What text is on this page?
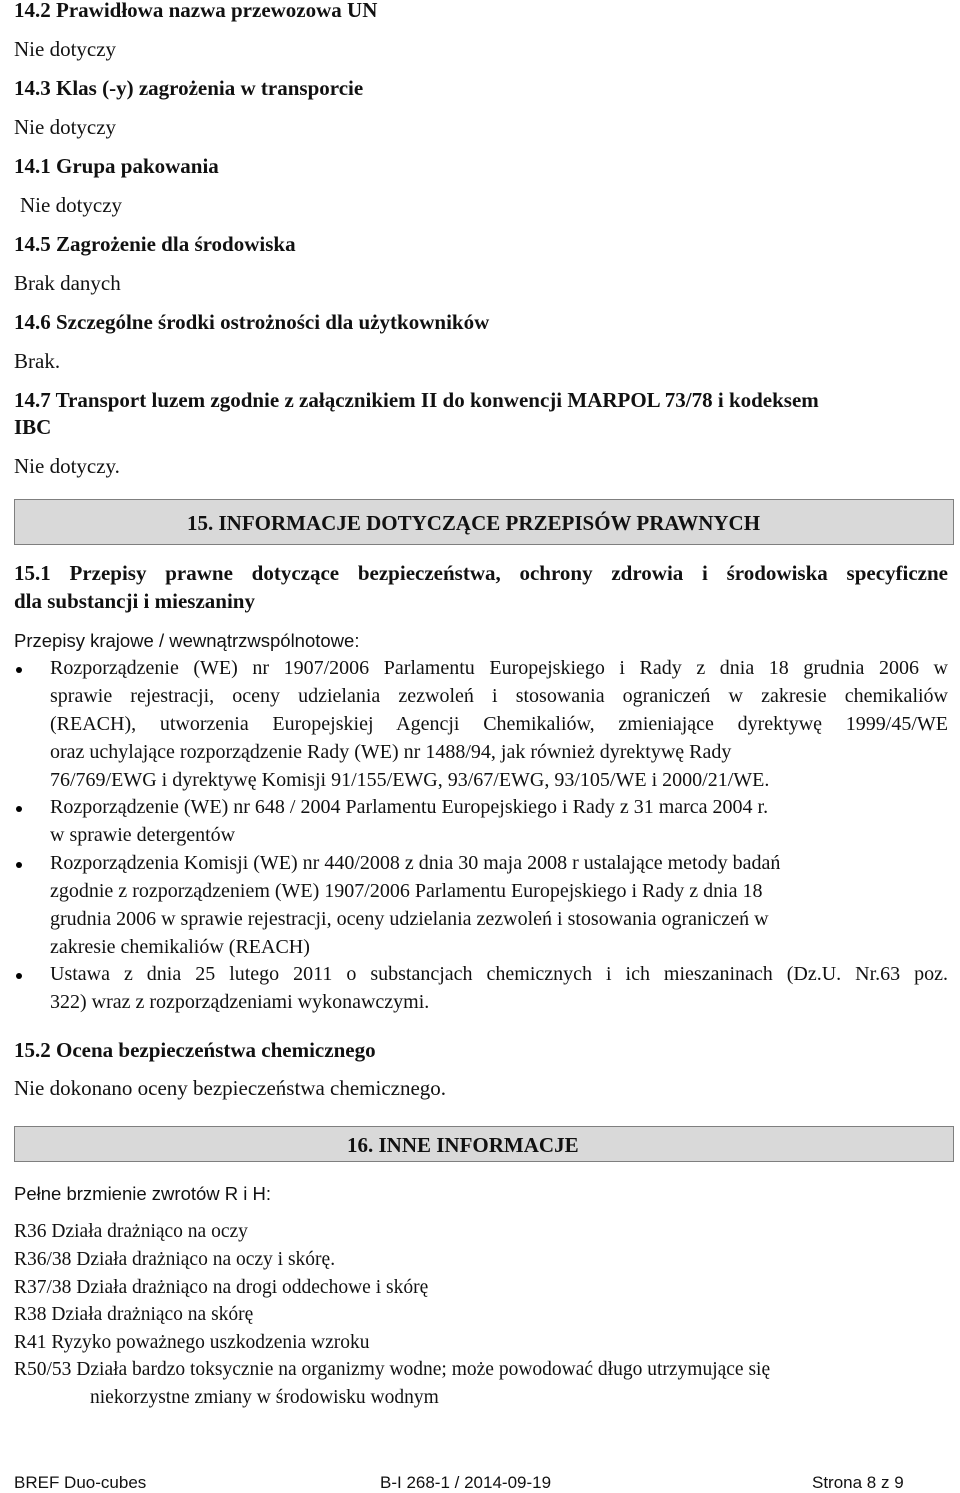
14.2 Prawidłowa nazwa przewozowa UN
Nie dotyczy
14.3 Klas (-y) zagrożenia w transporcie
Nie dotyczy
14.1 Grupa pakowania
Nie dotyczy
14.5 Zagrożenie dla środowiska
Brak danych
14.6 Szczególne środki ostrożności dla użytkowników
Brak.
14.7 Transport luzem zgodnie z załącznikiem II do konwencji MARPOL 73/78 i kodeksem
IBC
Nie dotyczy.
15. INFORMACJE DOTYCZĄCE PRZEPISÓW PRAWNYCH
15.1 Przepisy prawne dotyczące bezpieczeństwa, ochrony zdrowia i środowiska specyficzne
dla substancji i mieszaniny
Przepisy krajowe / wewnątrzwspólnotowe:
Rozporządzenie (WE) nr 1907/2006 Parlamentu Europejskiego i Rady z dnia 18 grudnia 2006 w
sprawie rejestracji, oceny udzielania zezwoleń i stosowania ograniczeń w zakresie chemikaliów
(REACH), utworzenia Europejskiej Agencji Chemikaliów, zmieniające dyrektywę 1999/45/WE
oraz uchylające rozporządzenie Rady (WE) nr 1488/94, jak również dyrektywę Rady
76/769/EWG i dyrektywę Komisji 91/155/EWG, 93/67/EWG, 93/105/WE i 2000/21/WE.
Rozporządzenie (WE) nr 648 / 2004 Parlamentu Europejskiego i Rady z 31 marca 2004 r.
w sprawie detergentów
Rozporządzenia Komisji (WE) nr 440/2008 z dnia 30 maja 2008 r ustalające metody badań
zgodnie z rozporządzeniem (WE) 1907/2006 Parlamentu Europejskiego i Rady z dnia 18
grudnia 2006 w sprawie rejestracji, oceny udzielania zezwoleń i stosowania ograniczeń w
zakresie chemikaliów (REACH)
Ustawa z dnia 25 lutego 2011 o substancjach chemicznych i ich mieszaninach (Dz.U. Nr.63 poz.
322) wraz z rozporządzeniami wykonawczymi.
15.2 Ocena bezpieczeństwa chemicznego
Nie dokonano oceny bezpieczeństwa chemicznego.
16. INNE INFORMACJE
Pełne brzmienie zwrotów R i H:
R36 Działa drażniąco na oczy
R36/38 Działa drażniąco na oczy i skórę.
R37/38 Działa drażniąco na drogi oddechowe i skórę
R38 Działa drażniąco na skórę
R41 Ryzyko poważnego uszkodzenia wzroku
R50/53 Działa bardzo toksycznie na organizmy wodne; może powodować długo utrzymujące się
niekorzystne zmiany w środowisku wodnym
BREF Duo-cubes	B-I 268-1 / 2014-09-19	Strona 8 z 9
